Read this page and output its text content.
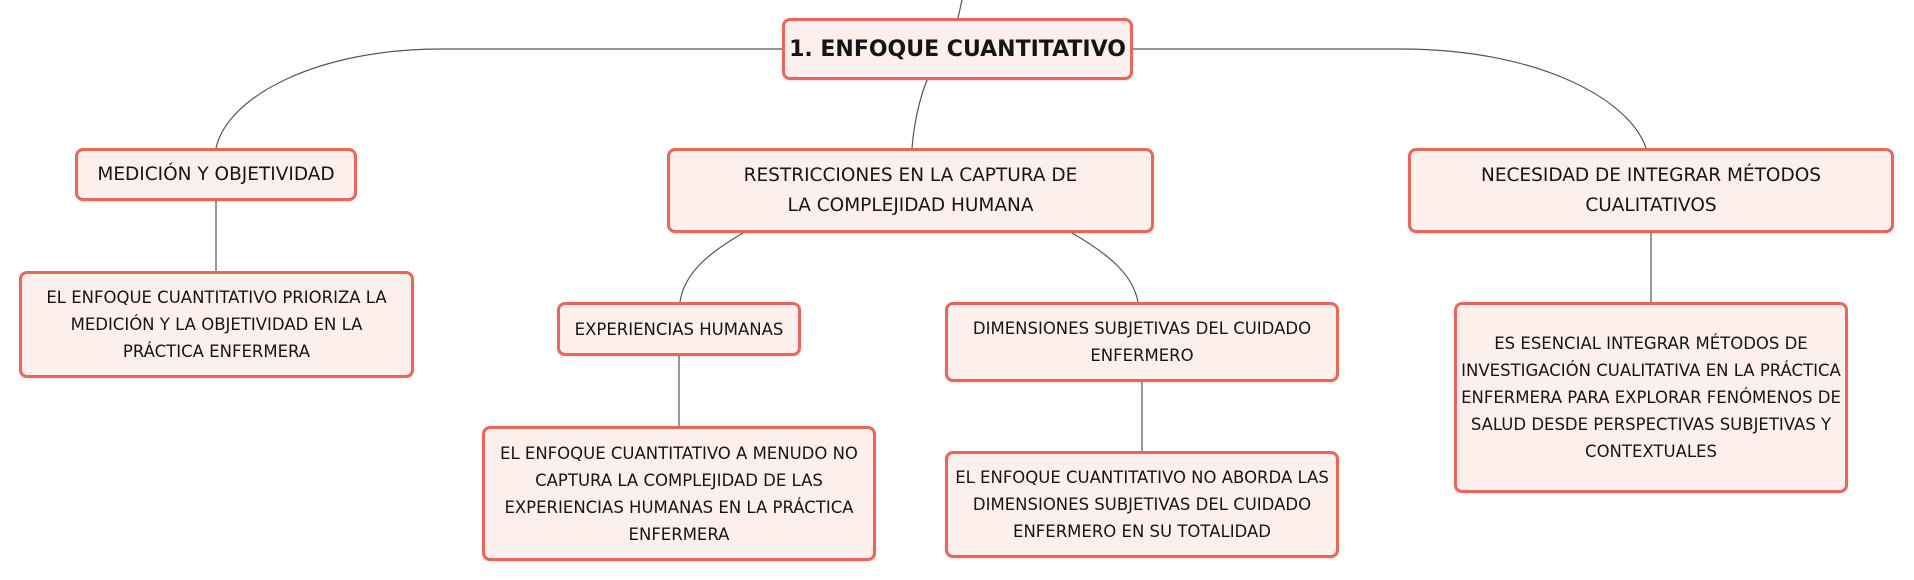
1. ENFOQUE CUANTITATIVO
MEDICIÓN Y OBJETIVIDAD	RESTRICCIONES EN LA CAPTURA DE LA COMPLEJIDAD HUMANA
NECESIDAD DE INTEGRAR MÉTODOS CUALITATIVOS
EL ENFOQUE CUANTITATIVO PRIORIZA LA MEDICIÓN Y LA OBJETIVIDAD EN LA PRÁCTICA ENFERMERA
EXPERIENCIAS HUMANAS	DIMENSIONES SUBJETIVAS DEL CUIDADO ENFERMERO
EL ENFOQUE CUANTITATIVO A MENUDO NO CAPTURA LA COMPLEJIDAD DE LAS EXPERIENCIAS HUMANAS EN LA PRÁCTICA ENFERMERA
EL ENFOQUE CUANTITATIVO NO ABORDA LAS DIMENSIONES SUBJETIVAS DEL CUIDADO ENFERMERO EN SU TOTALIDAD
ES ESENCIAL INTEGRAR MÉTODOS DE INVESTIGACIÓN CUALITATIVA EN LA PRÁCTICA ENFERMERA PARA EXPLORAR FENÓMENOS DE SALUD DESDE PERSPECTIVAS SUBJETIVAS Y CONTEXTUALES
